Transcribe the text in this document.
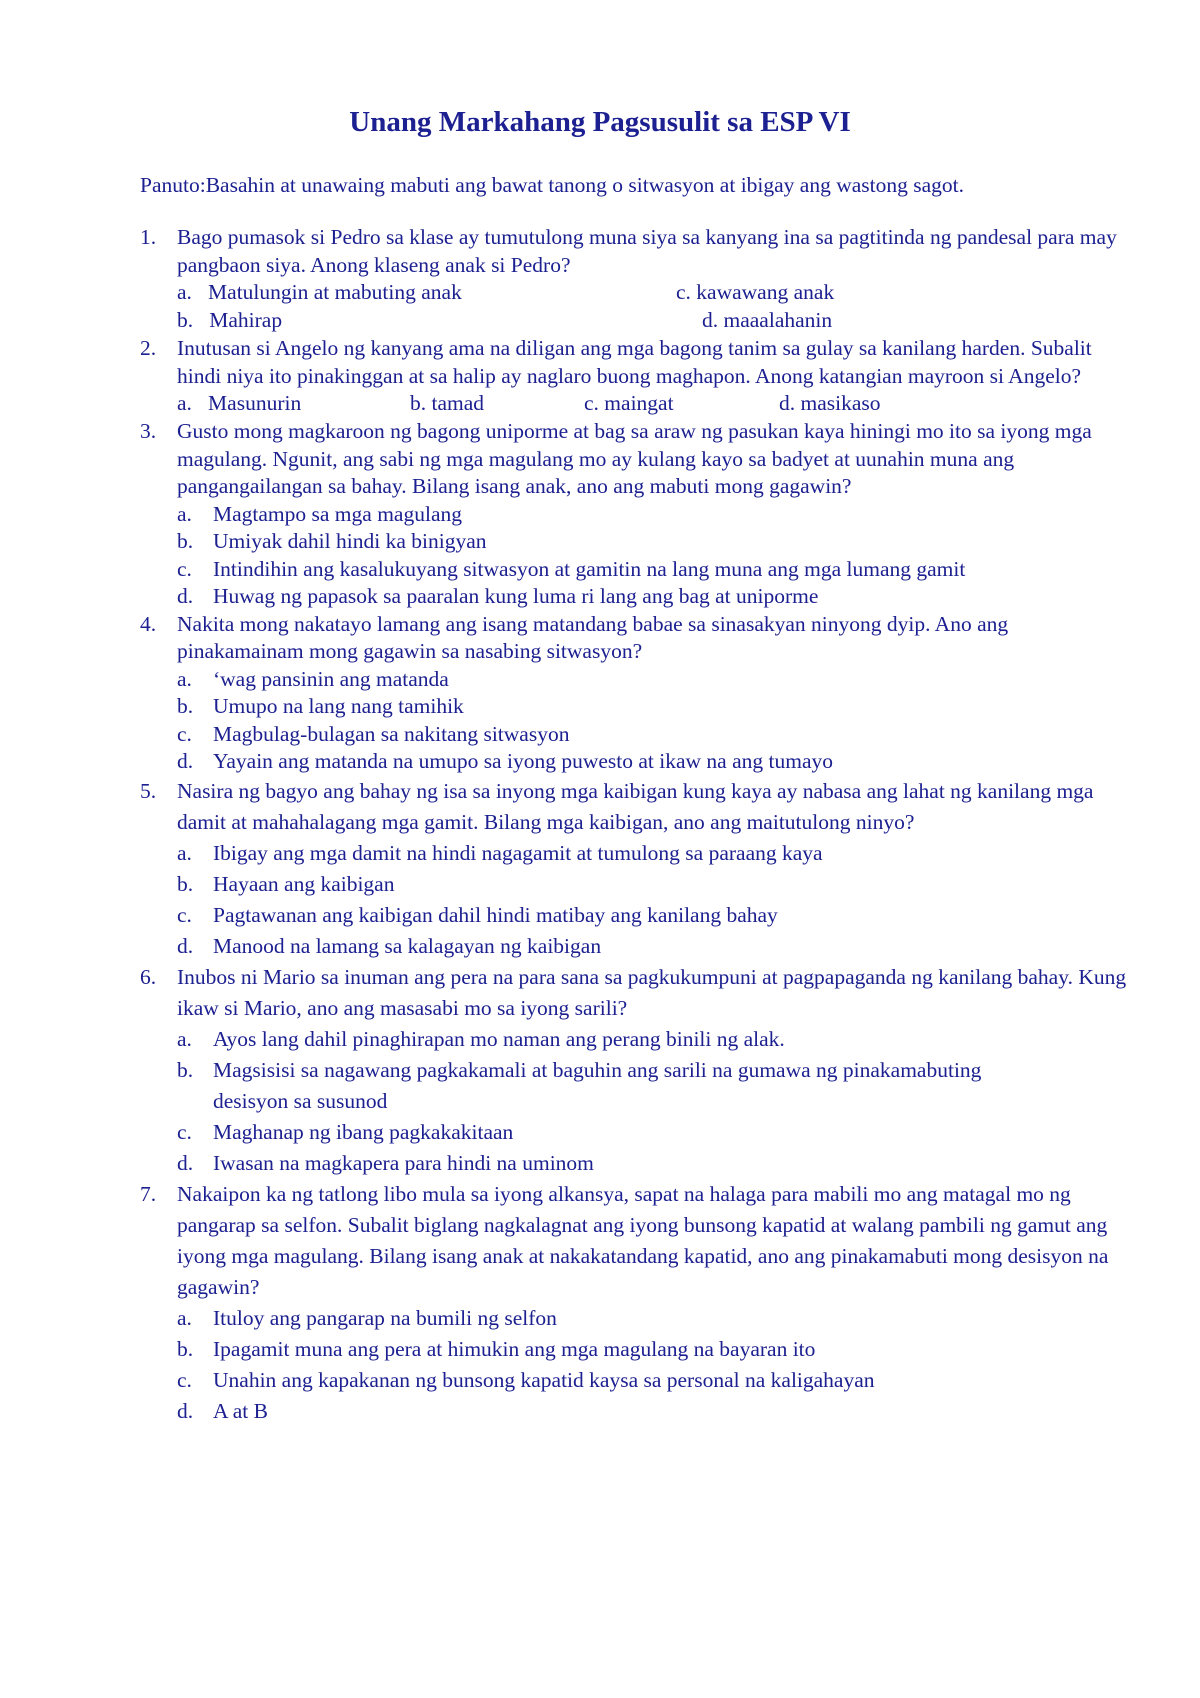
Unang Markahang Pagsusulit sa ESP VI

Panuto:Basahin at unawaing mabuti ang bawat tanong o sitwasyon at ibigay ang wastong sagot.

1. Bago pumasok si Pedro sa klase ay tumutulong muna siya sa kanyang ina sa pagtitinda ng pandesal para may pangbaon siya. Anong klaseng anak si Pedro?

a. Matulungin at mabuting anak	c. kawawang anak
b. Mahirap	d. maaalahanin
2. Inutusan si Angelo ng kanyang ama na diligan ang mga bagong tanim sa gulay sa kanilang harden. Subalit hindi niya ito pinakinggan at sa halip ay naglaro buong maghapon. Anong katangian mayroon si Angelo?

a. Masunurin	b. tamad	c. maingat	d. masikaso
3. Gusto mong magkaroon ng bagong uniporme at bag sa araw ng pasukan kaya hiningi mo ito sa iyong mga magulang. Ngunit, ang sabi ng mga magulang mo ay kulang kayo sa badyet at uunahin muna ang pangangailangan sa bahay. Bilang isang anak, ano ang mabuti mong gagawin?

a. Magtampo sa mga magulang
b. Umiyak dahil hindi ka binigyan
c. Intindihin ang kasalukuyang sitwasyon at gamitin na lang muna ang mga lumang gamit
d. Huwag ng papasok sa paaralan kung luma ri lang ang bag at uniporme
4. Nakita mong nakatayo lamang ang isang matandang babae sa sinasakyan ninyong dyip. Ano ang pinakamainam mong gagawin sa nasabing sitwasyon?

a. ‘wag pansinin ang matanda
b. Umupo na lang nang tamihik
c. Magbulag-bulagan sa nakitang sitwasyon
d. Yayain ang matanda na umupo sa iyong puwesto at ikaw na ang tumayo
5. Nasira ng bagyo ang bahay ng isa sa inyong mga kaibigan kung kaya ay nabasa ang lahat ng kanilang mga damit at mahahalagang mga gamit. Bilang mga kaibigan, ano ang maitutulong ninyo?

a. Ibigay ang mga damit na hindi nagagamit at tumulong sa paraang kaya
b. Hayaan ang kaibigan
c. Pagtawanan ang kaibigan dahil hindi matibay ang kanilang bahay
d. Manood na lamang sa kalagayan ng kaibigan
6. Inubos ni Mario sa inuman ang pera na para sana sa pagkukumpuni at pagpapaganda ng kanilang bahay. Kung ikaw si Mario, ano ang masasabi mo sa iyong sarili?

a. Ayos lang dahil pinaghirapan mo naman ang perang binili ng alak.
b. Magsisisi sa nagawang pagkakamali at baguhin ang sarili na gumawa ng pinakamabuting desisyon sa susunod
c. Maghanap ng ibang pagkakakitaan
d. Iwasan na magkapera para hindi na uminom
7. Nakaipon ka ng tatlong libo mula sa iyong alkansya, sapat na halaga para mabili mo ang matagal mo ng pangarap sa selfon. Subalit biglang nagkalagnat ang iyong bunsong kapatid at walang pambili ng gamut ang iyong mga magulang. Bilang isang anak at nakakatandang kapatid, ano ang pinakamabuti mong desisyon na gagawin?

a. Ituloy ang pangarap na bumili ng selfon
b. Ipagamit muna ang pera at himukin ang mga magulang na bayaran ito
c. Unahin ang kapakanan ng bunsong kapatid kaysa sa personal na kaligahayan
d. A at B
